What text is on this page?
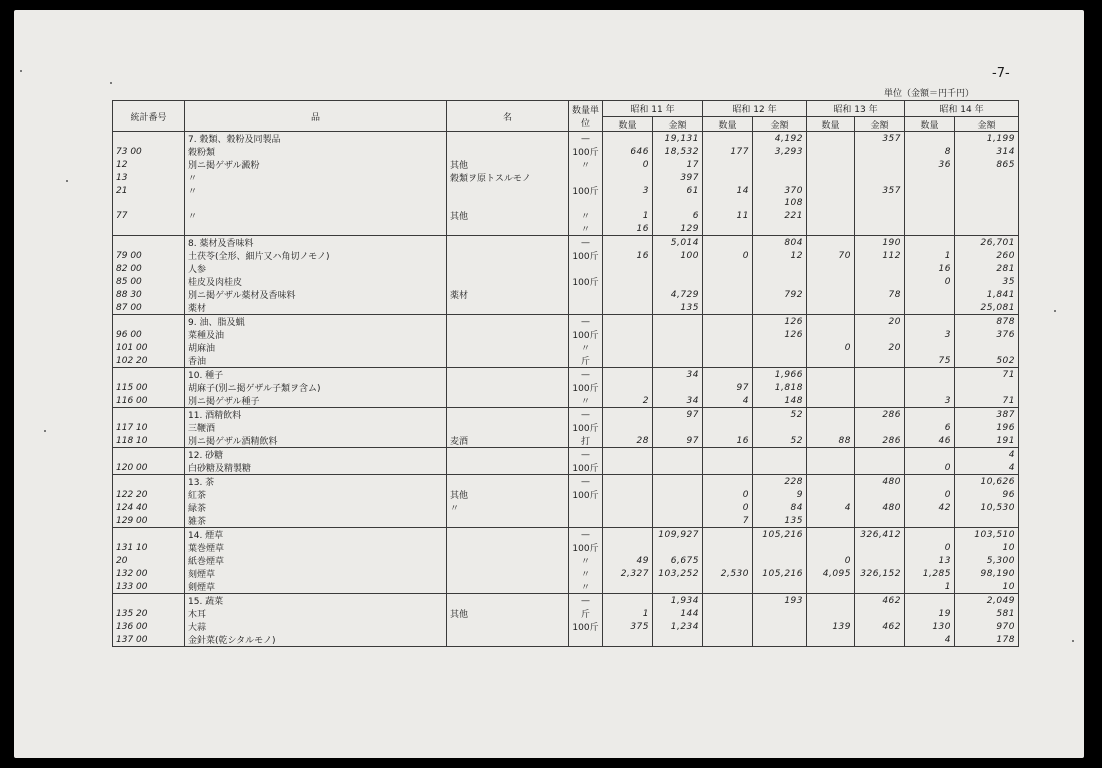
-7-
単位（金額＝円千円）
統計番号	品	名	数量単位	昭和 11 年		昭和 12 年		昭和 13 年		昭和 14 年	
				数量	金額	数量	金額	数量	金額	数量	金額
	7. 穀類、穀粉及同製品		—		19,131		4,192		357		1,199
73 00	穀粉類		100斤	646	18,532	177	3,293			8	314
12	別ニ掲ゲザル澱粉	其他	〃	0	17					36	865
13	〃	穀類ヲ原トスルモノ			397						
21	〃		100斤	3	61	14	370		357		
							108				
77	〃	其他	〃	1	6	11	221				
			〃	16	129						
	8. 薬材及香味料		—		5,014		804		190		26,701
79 00	土茯苓(全形、細片又ハ角切ノモノ)		100斤	16	100	0	12	70	112	1	260
82 00	人参									16	281
85 00	桂皮及肉桂皮		100斤							0	35
88 30	別ニ掲ゲザル薬材及香味料	薬材			4,729		792		78		1,841
87 00	薬材				135						25,081
	9. 油、脂及蝋		—				126		20		878
96 00	菜種及油		100斤				126			3	376
101 00	胡麻油		〃					0	20		
102 20	香油		斤							75	502
	10. 種子		—		34		1,966				71
115 00	胡麻子(別ニ掲ゲザル子類ヲ含ム)		100斤			97	1,818				
116 00	別ニ掲ゲザル種子		〃	2	34	4	148			3	71
	11. 酒精飲料		—		97		52		286		387
117 10	三鞭酒		100斤							6	196
118 10	別ニ掲ゲザル酒精飲料	麦酒	打	28	97	16	52	88	286	46	191
	12. 砂糖		—								4
120 00	白砂糖及精製糖		100斤							0	4
	13. 茶		—				228		480		10,626
122 20	紅茶	其他	100斤			0	9			0	96
124 40	緑茶	〃				0	84	4	480	42	10,530
129 00	雑茶					7	135				
	14. 煙草		—		109,927		105,216		326,412		103,510
131 10	葉巻煙草		100斤							0	10
20	紙巻煙草		〃	49	6,675			0		13	5,300
132 00	刻煙草		〃	2,327	103,252	2,530	105,216	4,095	326,152	1,285	98,190
133 00	剣煙草		〃							1	10
	15. 蔬菜		—		1,934		193		462		2,049
135 20	木耳	其他	斤	1	144					19	581
136 00	大蒜		100斤	375	1,234			139	462	130	970
137 00	金針菜(乾シタルモノ)									4	178
